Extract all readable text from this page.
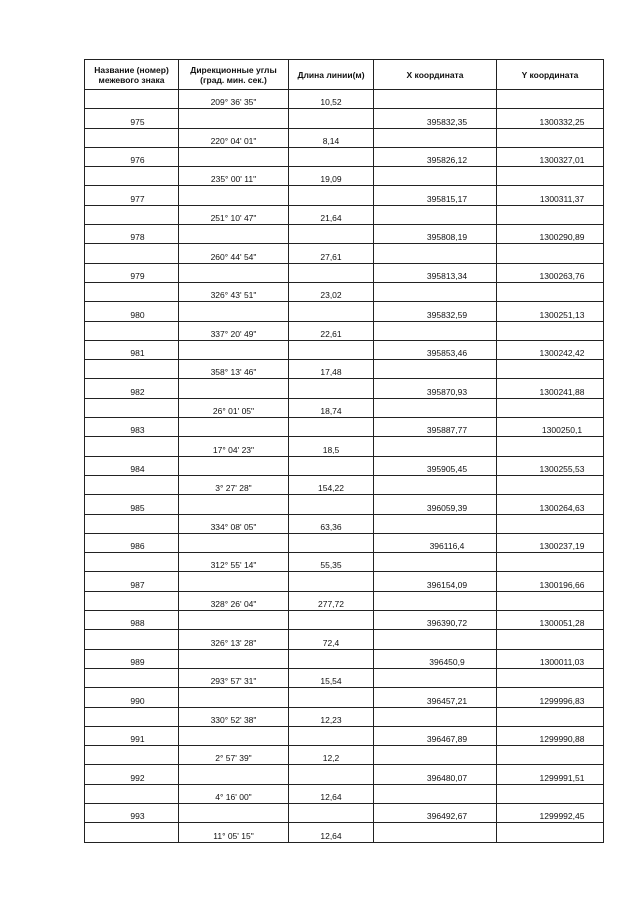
Название (номер) межевого знака	Дирекционные углы (град. мин. сек.)	Длина линии(м)	X координата	Y координата
	209° 36' 35"	10,52		
975			395832,35	1300332,25
	220° 04' 01"	8,14		
976			395826,12	1300327,01
	235° 00' 11"	19,09		
977			395815,17	1300311,37
	251° 10' 47"	21,64		
978			395808,19	1300290,89
	260° 44' 54"	27,61		
979			395813,34	1300263,76
	326° 43' 51"	23,02		
980			395832,59	1300251,13
	337° 20' 49"	22,61		
981			395853,46	1300242,42
	358° 13' 46"	17,48		
982			395870,93	1300241,88
	26° 01' 05"	18,74		
983			395887,77	1300250,1
	17° 04' 23"	18,5		
984			395905,45	1300255,53
	3° 27' 28"	154,22		
985			396059,39	1300264,63
	334° 08' 05"	63,36		
986			396116,4	1300237,19
	312° 55' 14"	55,35		
987			396154,09	1300196,66
	328° 26' 04"	277,72		
988			396390,72	1300051,28
	326° 13' 28"	72,4		
989			396450,9	1300011,03
	293° 57' 31"	15,54		
990			396457,21	1299996,83
	330° 52' 38"	12,23		
991			396467,89	1299990,88
	2° 57' 39"	12,2		
992			396480,07	1299991,51
	4° 16' 00"	12,64		
993			396492,67	1299992,45
	11° 05' 15"	12,64		
